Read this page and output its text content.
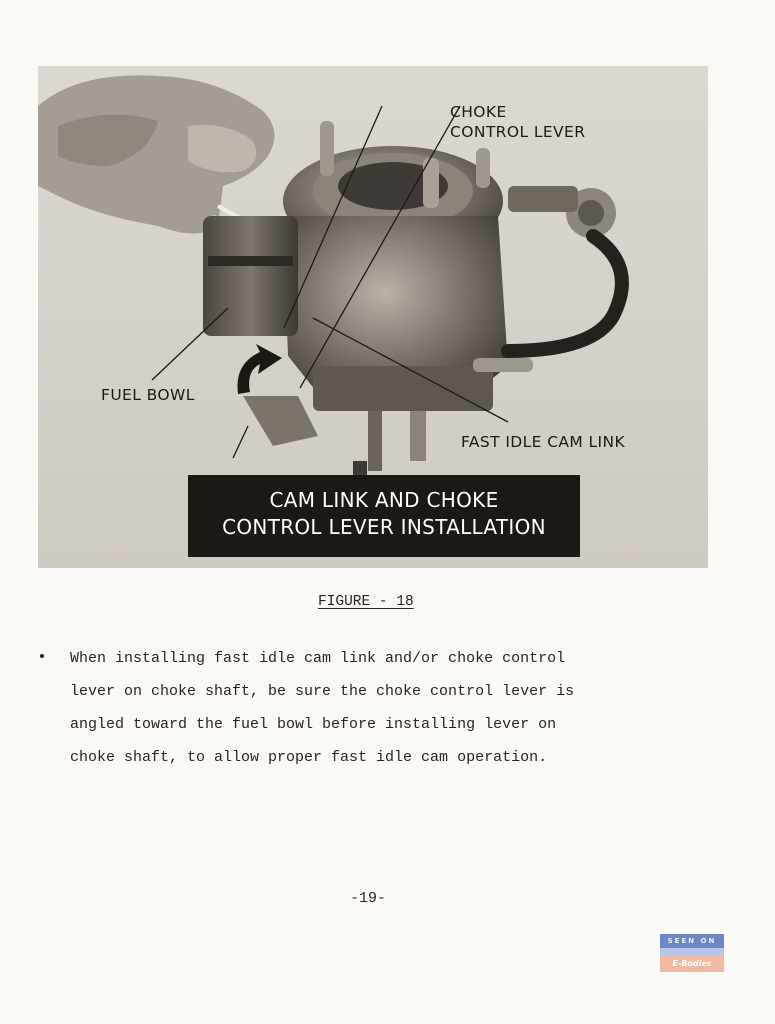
CHOKE
CONTROL LEVER
FUEL BOWL
FAST IDLE CAM LINK
CAM LINK AND CHOKE
CONTROL LEVER INSTALLATION
FIGURE - 18
When installing fast idle cam link and/or choke control
lever on choke shaft, be sure the choke control lever is
angled toward the fuel bowl before installing lever on
choke shaft, to allow proper fast idle cam operation.
-19-
SEEN ON
E-Bodies
